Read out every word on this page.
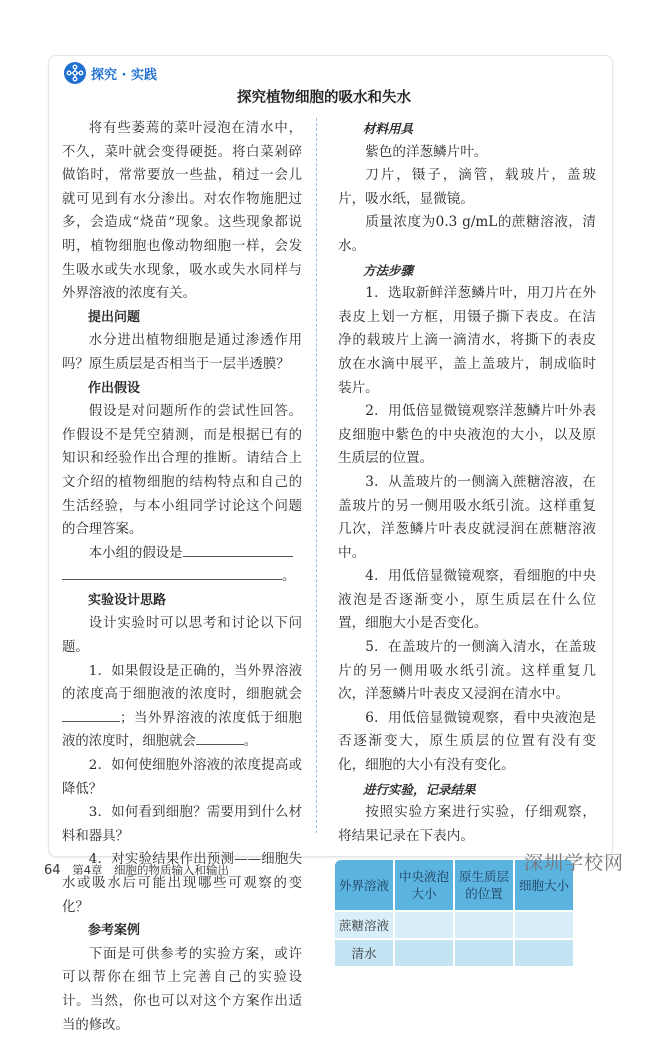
探究 · 实践
探究植物细胞的吸水和失水

将有些萎蔫的菜叶浸泡在清水中，不久，菜叶就会变得硬挺。将白菜剁碎做馅时，常常要放一些盐，稍过一会儿就可见到有水分渗出。对农作物施肥过多，会造成“烧苗”现象。这些现象都说明，植物细胞也像动物细胞一样，会发生吸水或失水现象，吸水或失水同样与外界溶液的浓度有关。

提出问题

水分进出植物细胞是通过渗透作用吗？原生质层是否相当于一层半透膜？

作出假设

假设是对问题所作的尝试性回答。作假设不是凭空猜测，而是根据已有的知识和经验作出合理的推断。请结合上文介绍的植物细胞的结构特点和自己的生活经验，与本小组同学讨论这个问题的合理答案。

本小组的假设是

。
实验设计思路

设计实验时可以思考和讨论以下问题。

1．如果假设是正确的，当外界溶液的浓度高于细胞液的浓度时，细胞就会；当外界溶液的浓度低于细胞液的浓度时，细胞就会	。

2．如何使细胞外溶液的浓度提高或降低？

3．如何看到细胞？需要用到什么材料和器具？

4．对实验结果作出预测——细胞失水或吸水后可能出现哪些可观察的变化？

参考案例

下面是可供参考的实验方案，或许可以帮你在细节上完善自己的实验设计。当然，你也可以对这个方案作出适当的修改。

材料用具

紫色的洋葱鳞片叶。

刀片，镊子，滴管，载玻片，盖玻片，吸水纸，显微镜。

质量浓度为0.3 g/mL的蔗糖溶液，清水。

方法步骤

1．选取新鲜洋葱鳞片叶，用刀片在外表皮上划一方框，用镊子撕下表皮。在洁净的载玻片上滴一滴清水，将撕下的表皮放在水滴中展平，盖上盖玻片，制成临时装片。

2．用低倍显微镜观察洋葱鳞片叶外表皮细胞中紫色的中央液泡的大小，以及原生质层的位置。

3．从盖玻片的一侧滴入蔗糖溶液，在盖玻片的另一侧用吸水纸引流。这样重复几次，洋葱鳞片叶表皮就浸润在蔗糖溶液中。

4．用低倍显微镜观察，看细胞的中央液泡是否逐渐变小，原生质层在什么位置，细胞大小是否变化。

5．在盖玻片的一侧滴入清水，在盖玻片的另一侧用吸水纸引流。这样重复几次，洋葱鳞片叶表皮又浸润在清水中。

6．用低倍显微镜观察，看中央液泡是否逐渐变大，原生质层的位置有没有变化，细胞的大小有没有变化。

进行实验，记录结果

按照实验方案进行实验，仔细观察，将结果记录在下表内。

外界溶液	中央液泡大小	原生质层的位置	细胞大小
蔗糖溶液			
清水			
64 第4章　细胞的物质输入和输出	深圳学校网
